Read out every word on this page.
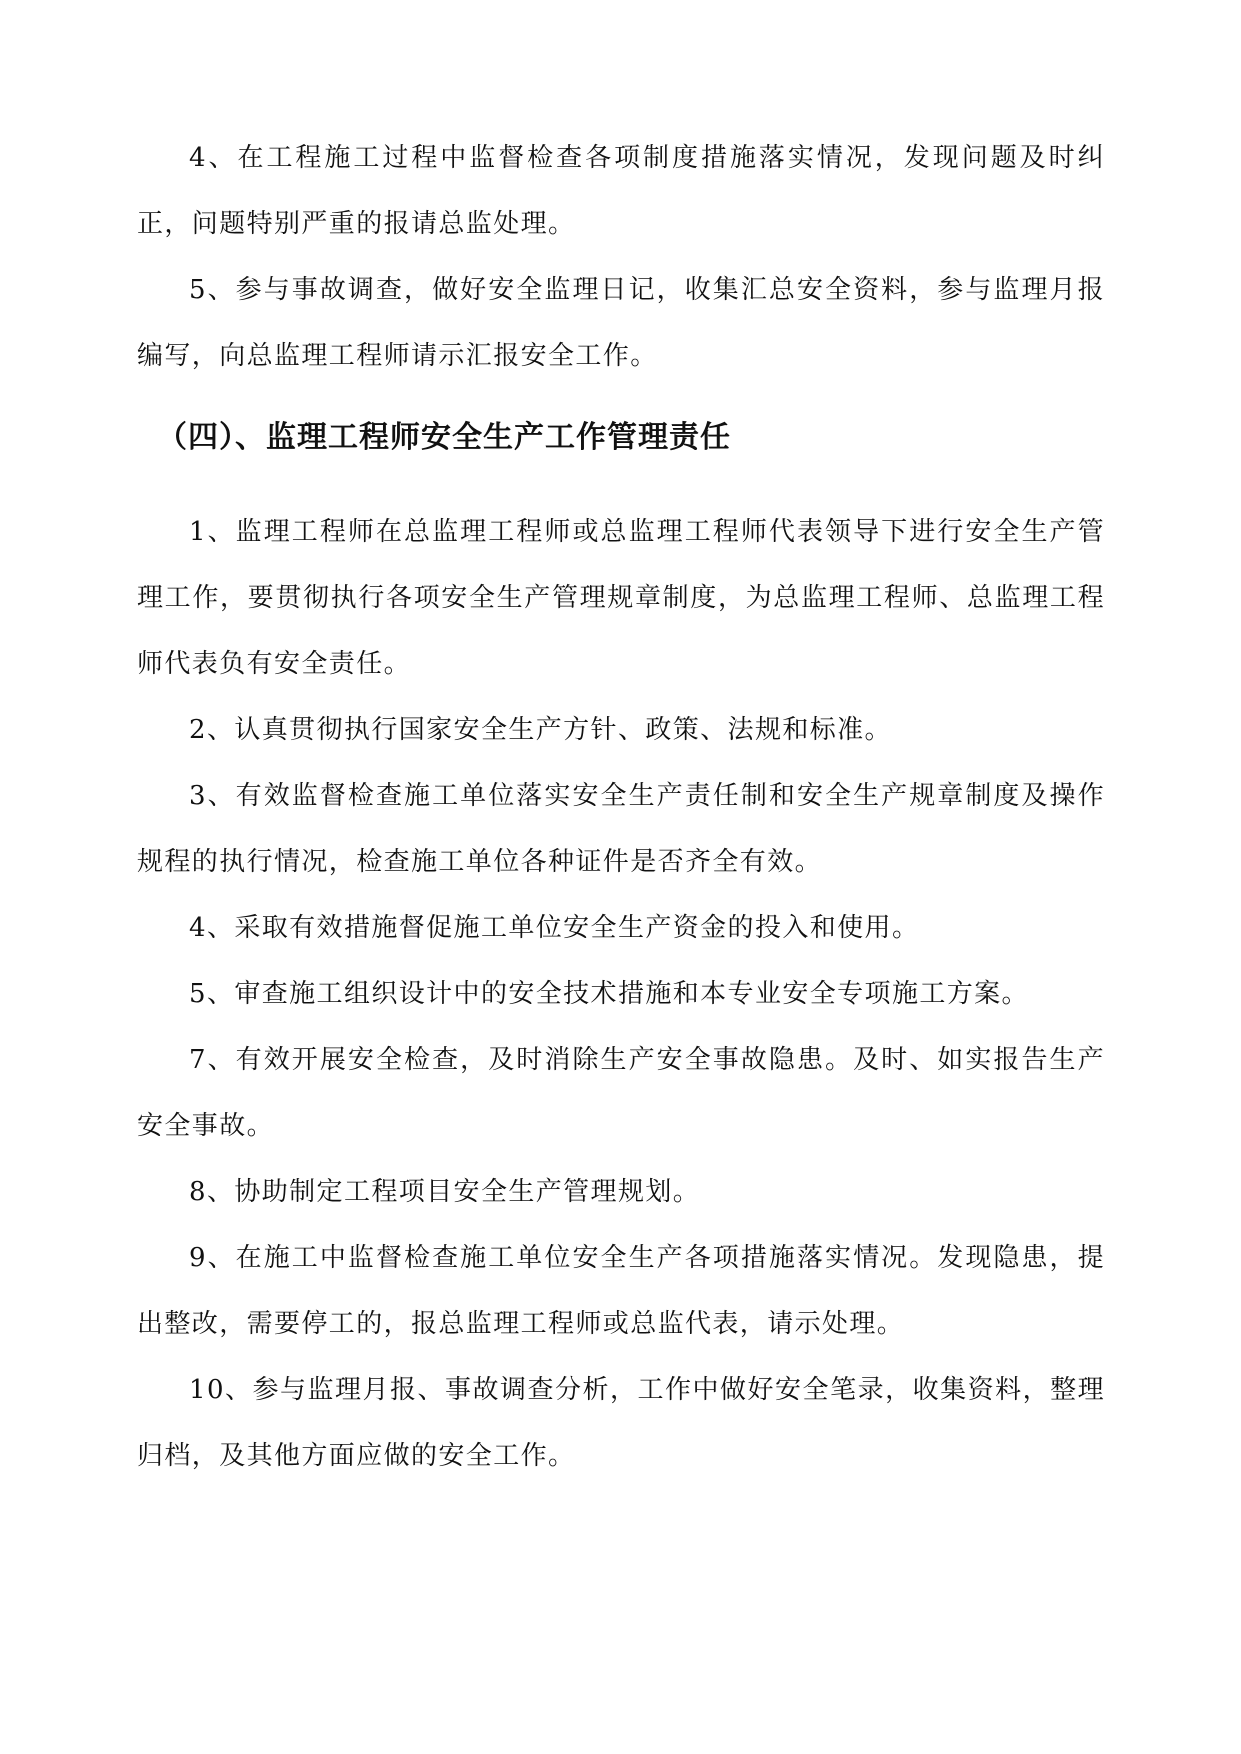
4、在工程施工过程中监督检查各项制度措施落实情况，发现问题及时纠正，问题特别严重的报请总监处理。

5、参与事故调查，做好安全监理日记，收集汇总安全资料，参与监理月报编写，向总监理工程师请示汇报安全工作。

（四）、监理工程师安全生产工作管理责任

1、监理工程师在总监理工程师或总监理工程师代表领导下进行安全生产管理工作，要贯彻执行各项安全生产管理规章制度，为总监理工程师、总监理工程师代表负有安全责任。

2、认真贯彻执行国家安全生产方针、政策、法规和标准。

3、有效监督检查施工单位落实安全生产责任制和安全生产规章制度及操作规程的执行情况，检查施工单位各种证件是否齐全有效。

4、采取有效措施督促施工单位安全生产资金的投入和使用。

5、审查施工组织设计中的安全技术措施和本专业安全专项施工方案。

7、有效开展安全检查，及时消除生产安全事故隐患。及时、如实报告生产安全事故。

8、协助制定工程项目安全生产管理规划。

9、在施工中监督检查施工单位安全生产各项措施落实情况。发现隐患，提出整改，需要停工的，报总监理工程师或总监代表，请示处理。

10、参与监理月报、事故调查分析，工作中做好安全笔录，收集资料，整理归档，及其他方面应做的安全工作。
